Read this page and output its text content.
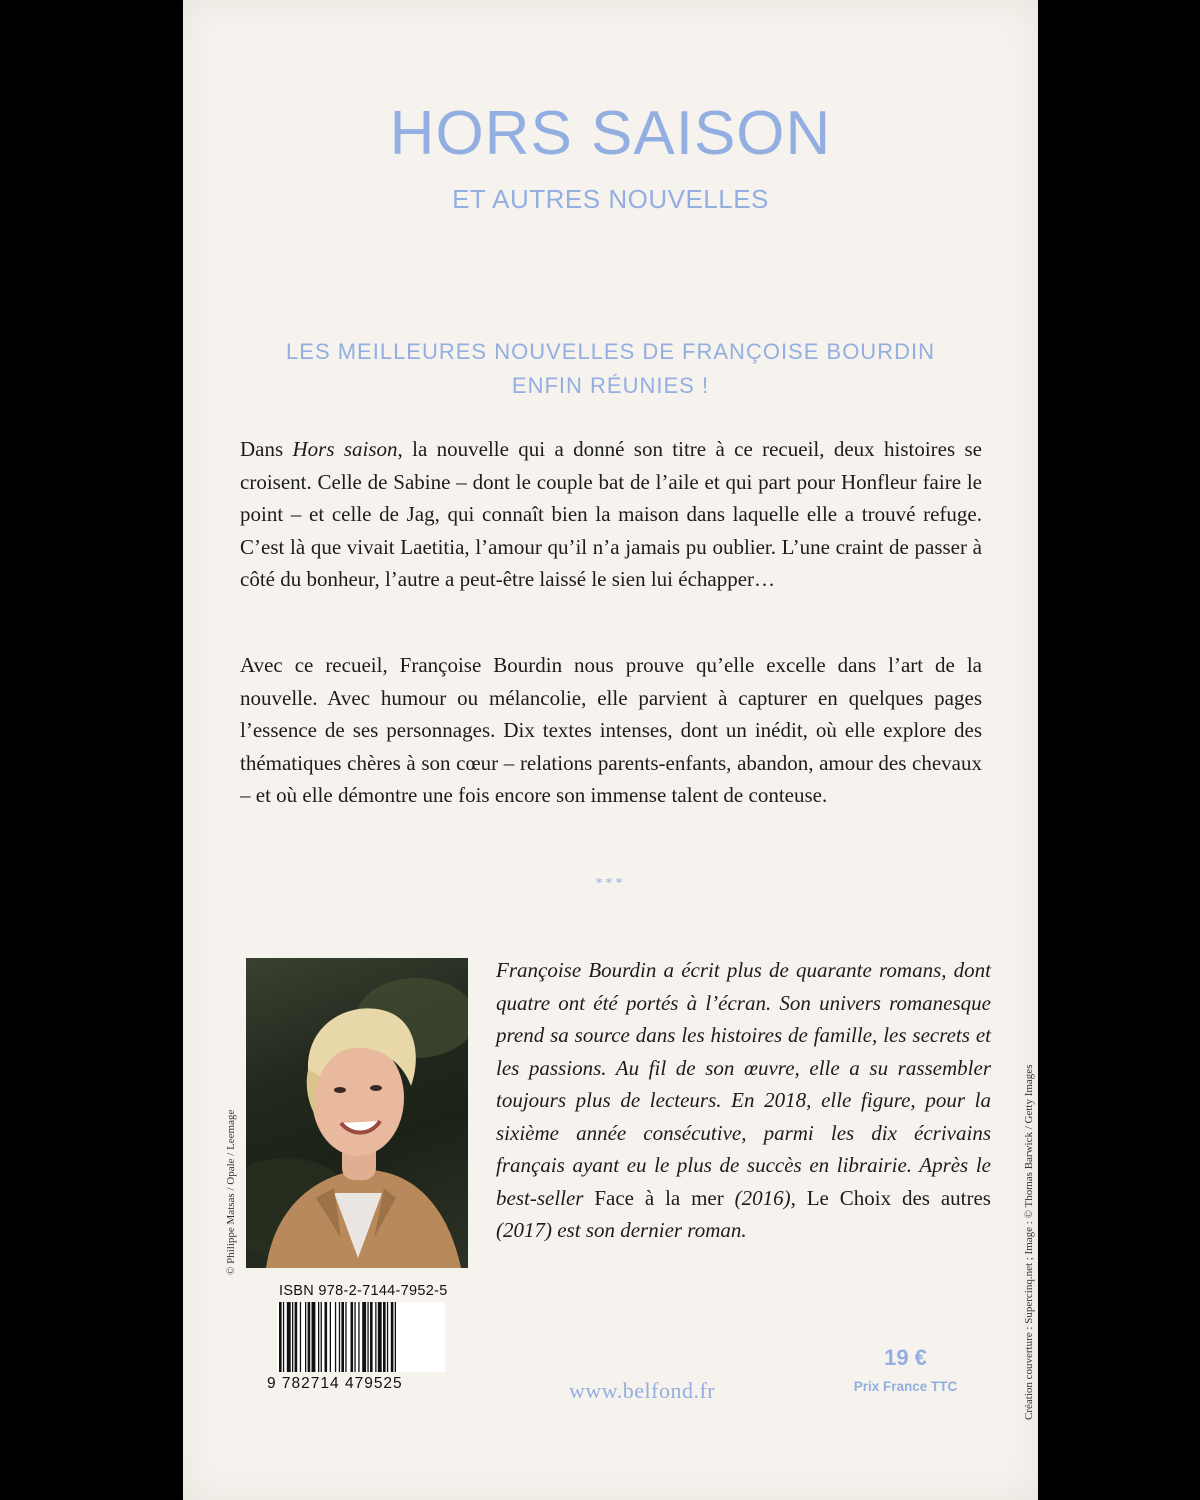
HORS SAISON
ET AUTRES NOUVELLES
LES MEILLEURES NOUVELLES DE FRANÇOISE BOURDIN
ENFIN RÉUNIES !

Dans Hors saison, la nouvelle qui a donné son titre à ce recueil, deux histoires se croisent. Celle de Sabine – dont le couple bat de l’aile et qui part pour Honfleur faire le point – et celle de Jag, qui connaît bien la maison dans laquelle elle a trouvé refuge. C’est là que vivait Laetitia, l’amour qu’il n’a jamais pu oublier. L’une craint de passer à côté du bonheur, l’autre a peut-être laissé le sien lui échapper…

Avec ce recueil, Françoise Bourdin nous prouve qu’elle excelle dans l’art de la nouvelle. Avec humour ou mélancolie, elle parvient à capturer en quelques pages l’essence de ses personnages. Dix textes intenses, dont un inédit, où elle explore des thématiques chères à son cœur – relations parents-enfants, abandon, amour des chevaux – et où elle démontre une fois encore son immense talent de conteuse.

***
© Philippe Matsas / Opale / Leemage

Françoise Bourdin a écrit plus de quarante romans, dont quatre ont été portés à l’écran. Son univers romanesque prend sa source dans les histoires de famille, les secrets et les passions. Au fil de son œuvre, elle a su rassembler toujours plus de lecteurs. En 2018, elle figure, pour la sixième année consécutive, parmi les dix écrivains français ayant eu le plus de succès en librairie. Après le best-seller Face à la mer (2016), Le Choix des autres (2017) est son dernier roman.	Création couverture : Supercinq.net ; Image : © Thomas Barwick / Getty Images
ISBN 978-2-7144-7952-5
9 782714 479525	www.belfond.fr
19 €
Prix France TTC
